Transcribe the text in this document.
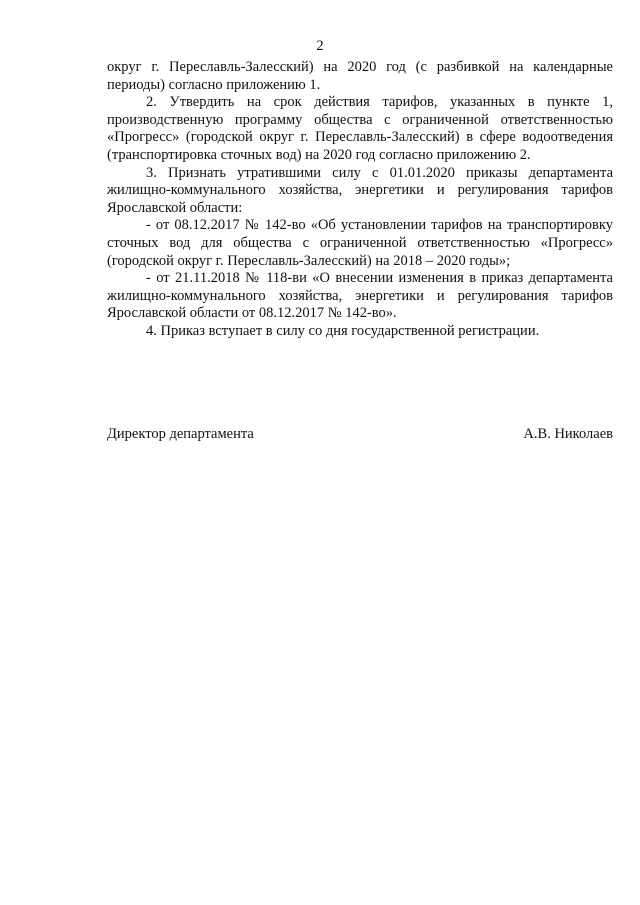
2

округ г. Переславль-Залесский) на 2020 год (с разбивкой на календарные периоды) согласно приложению 1.

2. Утвердить на срок действия тарифов, указанных в пункте 1, производственную программу общества с ограниченной ответственностью «Прогресс» (городской округ г. Переславль-Залесский) в сфере водоотведения (транспортировка сточных вод) на 2020 год согласно приложению 2.

3. Признать утратившими силу с 01.01.2020 приказы департамента жилищно-коммунального хозяйства, энергетики и регулирования тарифов Ярославской области:

- от 08.12.2017 № 142-во «Об установлении тарифов на транспортировку сточных вод для общества с ограниченной ответственностью «Прогресс» (городской округ г. Переславль-Залесский) на 2018 – 2020 годы»;

- от 21.11.2018 № 118-ви «О внесении изменения в приказ департамента жилищно-коммунального хозяйства, энергетики и регулирования тарифов Ярославской области от 08.12.2017 № 142-во».

4. Приказ вступает в силу со дня государственной регистрации.

Директор департамента	А.В. Николаев
